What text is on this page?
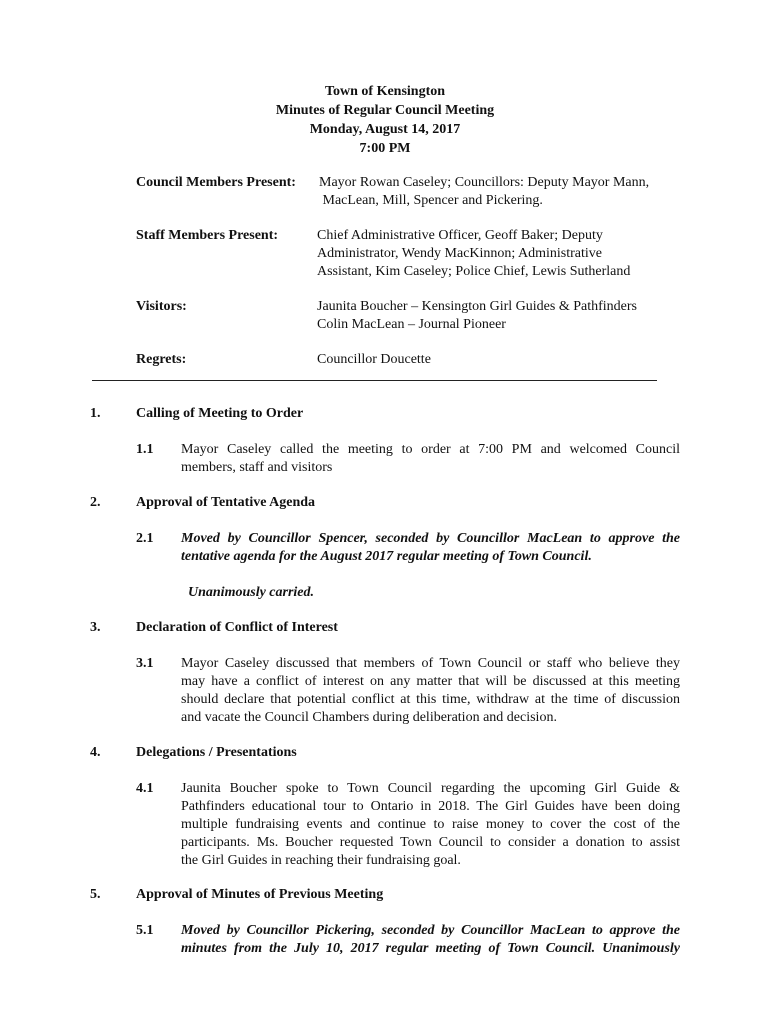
Town of Kensington
Minutes of Regular Council Meeting
Monday, August 14, 2017
7:00 PM
Council Members Present: Mayor Rowan Caseley; Councillors: Deputy Mayor Mann,
MacLean, Mill, Spencer and Pickering.
Staff Members Present:	Chief Administrative Officer, Geoff Baker; Deputy
Administrator, Wendy MacKinnon; Administrative
Assistant, Kim Caseley; Police Chief, Lewis Sutherland
Visitors:	Jaunita Boucher – Kensington Girl Guides & Pathfinders
Colin MacLean – Journal Pioneer
Regrets:	Councillor Doucette
1.	Calling of Meeting to Order
1.1 Mayor Caseley called the meeting to order at 7:00 PM and welcomed Council
members, staff and visitors
2.	Approval of Tentative Agenda
2.1 Moved by Councillor Spencer, seconded by Councillor MacLean to approve the
tentative agenda for the August 2017 regular meeting of Town Council.
Unanimously carried.
3.	Declaration of Conflict of Interest
3.1 Mayor Caseley discussed that members of Town Council or staff who believe they
may have a conflict of interest on any matter that will be discussed at this meeting
should declare that potential conflict at this time, withdraw at the time of discussion
and vacate the Council Chambers during deliberation and decision.
4.	Delegations / Presentations
4.1 Jaunita Boucher spoke to Town Council regarding the upcoming Girl Guide &
Pathfinders educational tour to Ontario in 2018. The Girl Guides have been doing
multiple fundraising events and continue to raise money to cover the cost of the
participants. Ms. Boucher requested Town Council to consider a donation to assist
the Girl Guides in reaching their fundraising goal.
5.	Approval of Minutes of Previous Meeting
5.1 Moved by Councillor Pickering, seconded by Councillor MacLean to approve the
minutes from the July 10, 2017 regular meeting of Town Council. Unanimously
